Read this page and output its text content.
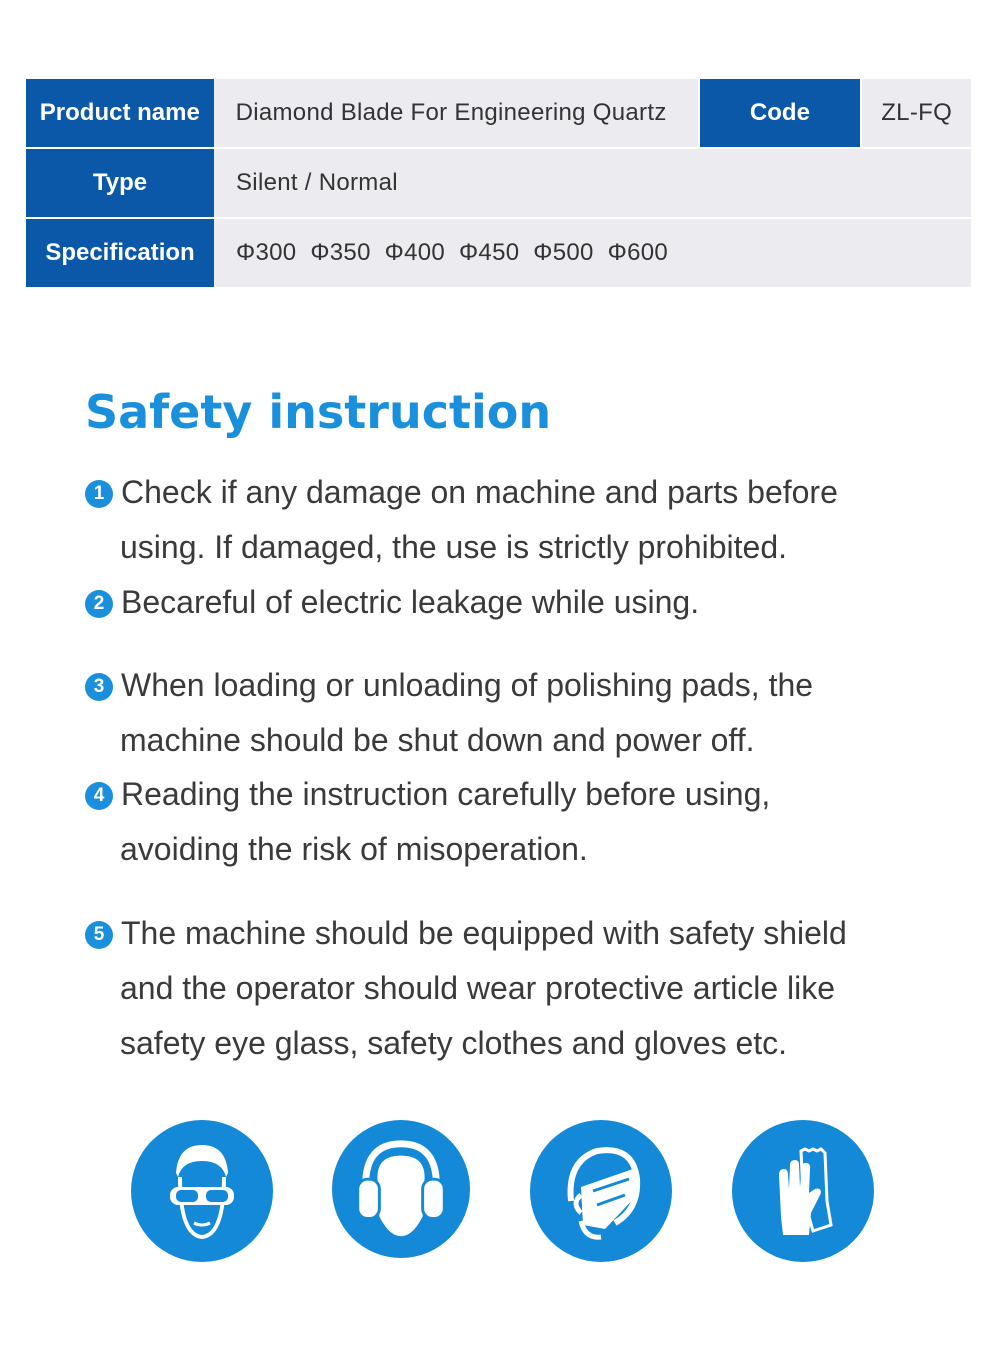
Product name	Diamond Blade For Engineering Quartz	Code	ZL-FQ
Type	Silent / Normal
Specification	Φ300  Φ350  Φ400  Φ450  Φ500  Φ600
Safety instruction
1 Check if any damage on machine and parts before
using. If damaged, the use is strictly prohibited.
2 Becareful of electric leakage while using.
3 When loading or unloading of polishing pads, the
machine should be shut down and power off.
4 Reading the instruction carefully before using,
avoiding the risk of misoperation.
5 The machine should be equipped with safety shield
and the operator should wear protective article like
safety eye glass, safety clothes and gloves etc.
